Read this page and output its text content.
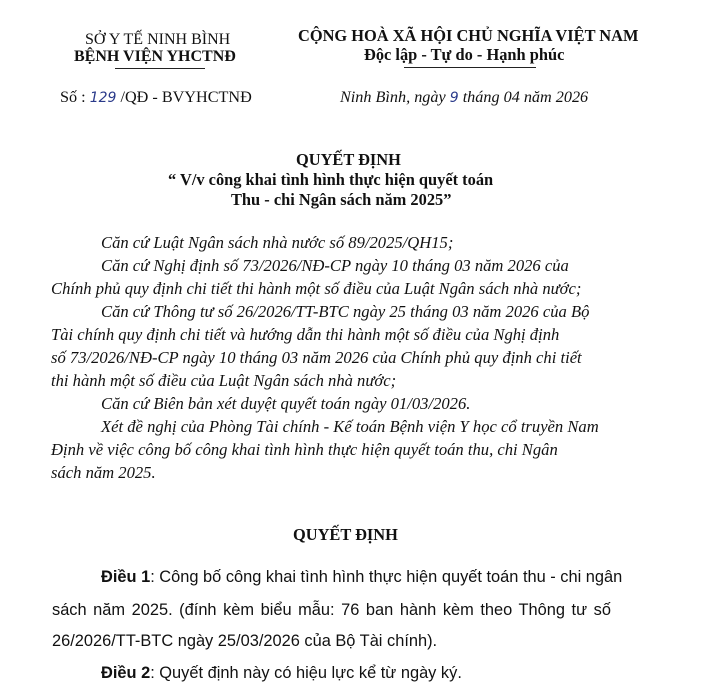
SỞ Y TẾ NINH BÌNH
BỆNH VIỆN YHCTNĐ
CỘNG HOÀ XÃ HỘI CHỦ NGHĨA VIỆT NAM
Độc lập - Tự do - Hạnh phúc
Số : 129 /QĐ - BVYHCTNĐ	Ninh Bình, ngày 9 tháng 04 năm 2026
QUYẾT ĐỊNH
“ V/v công khai tình hình thực hiện quyết toán
Thu - chi Ngân sách năm 2025”
Căn cứ Luật Ngân sách nhà nước số 89/2025/QH15;
Căn cứ Nghị định số 73/2026/NĐ-CP ngày 10 tháng 03 năm 2026 của
Chính phủ quy định chi tiết thi hành một số điều của Luật Ngân sách nhà nước;
Căn cứ Thông tư số 26/2026/TT-BTC ngày 25 tháng 03 năm 2026 của Bộ
Tài chính quy định chi tiết và hướng dẫn thi hành một số điều của Nghị định
số 73/2026/NĐ-CP ngày 10 tháng 03 năm 2026 của Chính phủ quy định chi tiết
thi hành một số điều của Luật Ngân sách nhà nước;
Căn cứ Biên bản xét duyệt quyết toán ngày 01/03/2026.
Xét đề nghị của Phòng Tài chính - Kế toán Bệnh viện Y học cổ truyền Nam
Định về việc công bố công khai tình hình thực hiện quyết toán thu, chi Ngân
sách năm 2025.
QUYẾT ĐỊNH
Điều 1: Công bố công khai tình hình thực hiện quyết toán thu - chi ngân
sách năm 2025. (đính kèm biểu mẫu: 76 ban hành kèm theo Thông tư số
26/2026/TT-BTC ngày 25/03/2026 của Bộ Tài chính).
Điều 2: Quyết định này có hiệu lực kể từ ngày ký.
